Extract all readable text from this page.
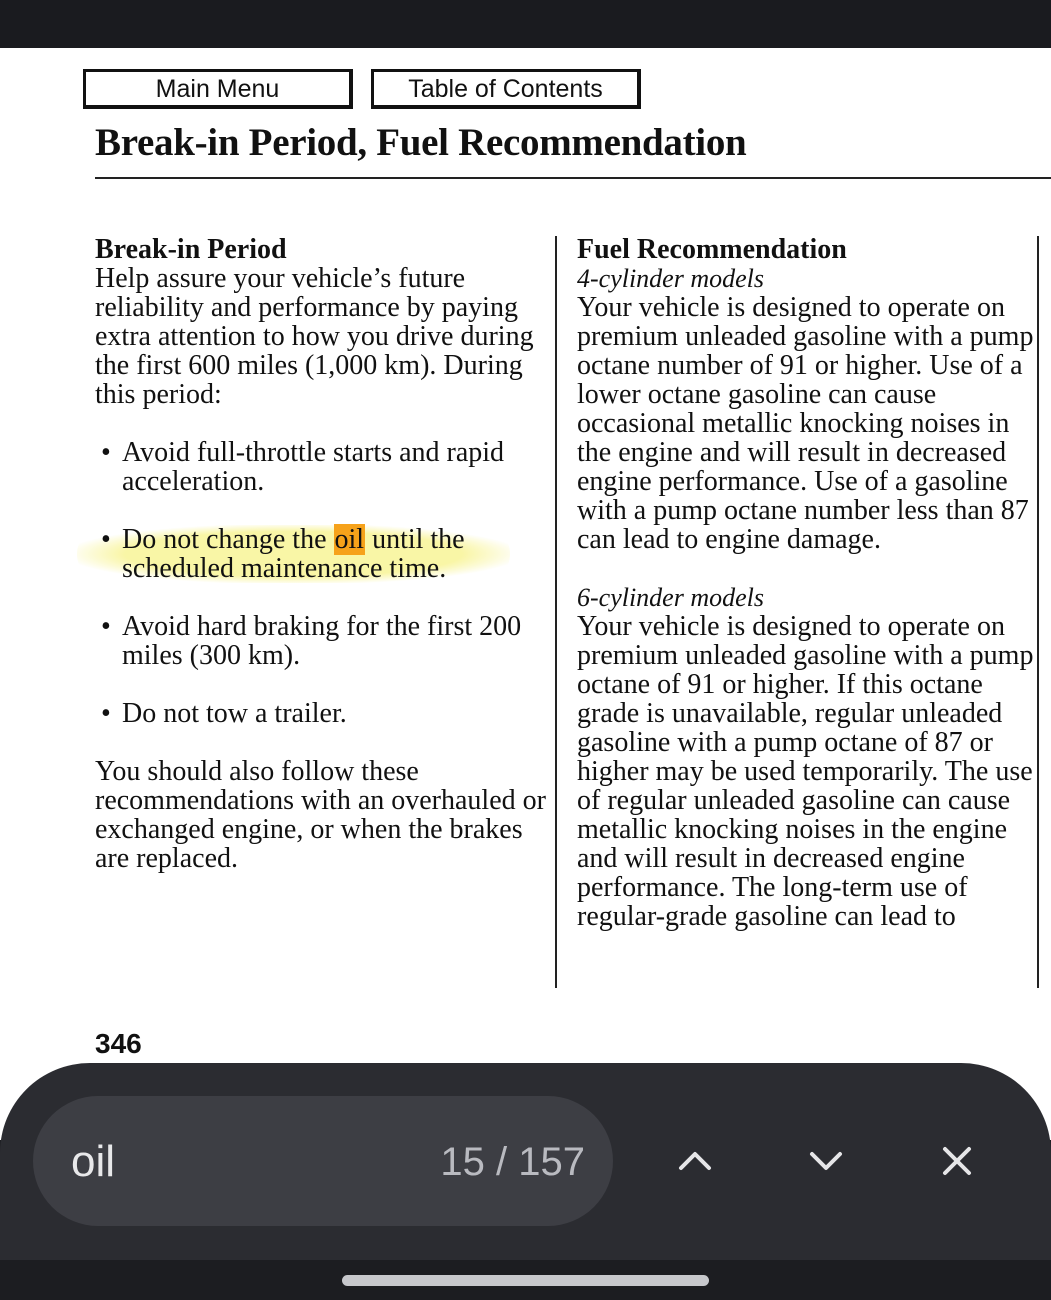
Main Menu	Table of Contents
Break-in Period, Fuel Recommendation

Break-in Period

Help assure your vehicle’s future reliability and performance by paying extra attention to how you drive during the first 600 miles (1,000 km). During this period:

• Avoid full-throttle starts and rapid acceleration.
• Do not change the oil until the scheduled maintenance time.
• Avoid hard braking for the first 200 miles (300 km).
• Do not tow a trailer.

You should also follow these recommendations with an overhauled or exchanged engine, or when the brakes are replaced.

Fuel Recommendation

4-cylinder models

Your vehicle is designed to operate on premium unleaded gasoline with a pump octane number of 91 or higher. Use of a lower octane gasoline can cause occasional metallic knocking noises in the engine and will result in decreased engine performance. Use of a gasoline with a pump octane number less than 87 can lead to engine damage.

6-cylinder models

Your vehicle is designed to operate on premium unleaded gasoline with a pump octane of 91 or higher. If this octane grade is unavailable, regular unleaded gasoline with a pump octane of 87 or higher may be used temporarily. The use of regular unleaded gasoline can cause metallic knocking noises in the engine and will result in decreased engine performance. The long-term use of regular-grade gasoline can lead to

346
oil	15 / 157
